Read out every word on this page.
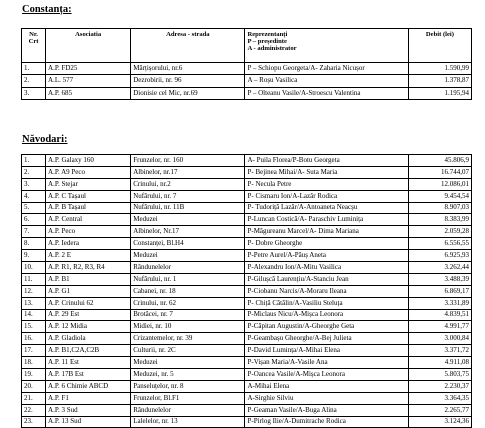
Constanța:
Nr.
Crt	Asociatia	Adresa - strada	Reprezentanți
P – președinte
A - administrator	Debit (lei)
1.	A.P. FD25	Mărțișorului, nr.6	P – Schiopu Georgeta/A- Zaharia Nicușor	1.590,99
2.	A.L. 577	Dezrobirii, nr. 96	A – Roșu Vasilica	1.378,87
3.	A.P. 685	Dionisie cel Mic, nr.69	P – Olteanu Vasile/A-Stroescu Valentina	1.195,94
Năvodari:
1.	A.P. Galaxy 160	Frunzelor, nr. 160	A- Puila Florea/P-Botu Georgeta	45.806,9
2.	A.P. A9 Peco	Albinelor, nr.17	P- Bejinea Mihai/A- Suta Maria	16.744,07
3.	A.P. Stejar	Crinului, nr.2	P- Necula Petre	12.086,01
4.	A.P. C Tașaul	Nufărului, nr. 7	P- Cismaru Ion/A-Lazăr Rodica	9.454,54
5.	A.P. B Tașaul	Nufărului, nr. 11B	P- Tudoriță Lazăr/A-Antoaneta Neacșu	8.907,03
6.	A.P. Central	Meduzei	P-Luncan Costică/A- Paraschiv Luminița	8.383,99
7.	A.P. Peco	Albinelor, Nr.17	P-Măgureanu Marcel/A- Dima Mariana	2.059,28
8.	A.P. Iedera	Constanței, Bl.H4	P- Dobre Gheorghe	6.556,55
9.	A.P. 2 E	Meduzei	P-Petre Aurel/A-Păuș Aneta	6.925,93
10.	A.P. R1, R2, R3, R4	Rândunelelor	P-Alexandru Ion/A-Mitu Vasilica	3.262,44
11.	A.P. B1	Nufărului, nr. 1	P-Gilușcă Laurențiu/A-Stanciu Jean	3.488,39
12.	A.P. G1	Cabanei, nr. 18	P-Ciobanu Narcis/A-Moraru Ileana	6.869,17
13.	A.P. Crinului 62	Crinului, nr. 62	P- Chiță Cătălin/A-Vasiliu Steluța	3.331,89
14.	A.P. 29 Est	Brotăcei, nr. 7	P-Miclaus Nicu/A-Mișca Leonora	4.839,51
15.	A.P. 12 Midia	Midiei, nr. 10	P-Căpitan Augustin/A-Gheorghe Geta	4.991,77
16.	A.P. Gladiola	Crizantemelor, nr. 39	P-Geambașu Gheorghe/A-Bej Julieta	3.000,84
17.	A.P. B1,C2A,C2B	Culturii, nr. 2C	P-David Lumința/A-Mihai Elena	3.371,72
18.	A.P. 11 Est	Meduzei	P-Vișan Maria/A-Vasile Ana	4.911,08
19.	A.P. 17B Est	Meduzei, nr. 5	P-Oancea Vasile/A-Mișca Leonora	5.803,75
20.	A.P. 6 Chimie ABCD	Panseluțelor, nr. 8	A-Mihai Elena	2.230,37
21.	A.P. F1	Frunzelor, Bl.F1	A-Sirghie Silviu	3.364,35
22.	A.P. 3 Sud	Rândunelelor	P-Geaman Vasile/A-Buga Alina	2.265,77
23.	A.P. 13 Sud	Lalelelor, nr. 13	P-Pirlog Ilie/A-Dumitrache Rodica	3.124,36
